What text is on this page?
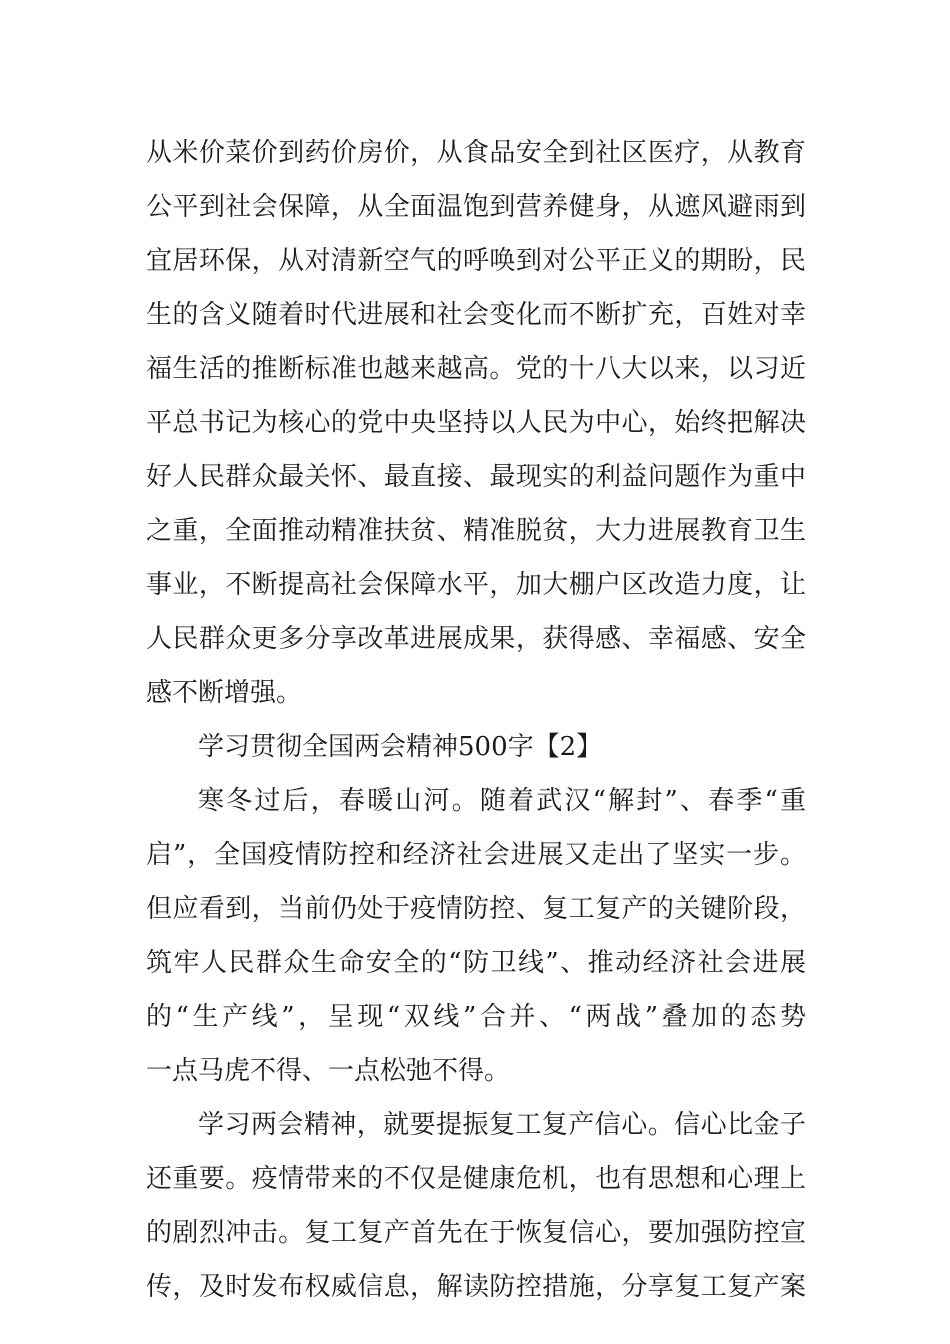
从米价菜价到药价房价，从食品安全到社区医疗，从教育
公平到社会保障，从全面温饱到营养健身，从遮风避雨到
宜居环保，从对清新空气的呼唤到对公平正义的期盼，民
生的含义随着时代进展和社会变化而不断扩充，百姓对幸
福生活的推断标准也越来越高。党的十八大以来，以习近
平总书记为核心的党中央坚持以人民为中心，始终把解决
好人民群众最关怀、最直接、最现实的利益问题作为重中
之重，全面推动精准扶贫、精准脱贫，大力进展教育卫生
事业，不断提高社会保障水平，加大棚户区改造力度，让
人民群众更多分享改革进展成果，获得感、幸福感、安全
感不断增强。
学习贯彻全国两会精神500字【2】
寒冬过后，春暖山河。随着武汉“解封”、春季“重
启”，全国疫情防控和经济社会进展又走出了坚实一步。
但应看到，当前仍处于疫情防控、复工复产的关键阶段，
筑牢人民群众生命安全的“防卫线”、推动经济社会进展
的“生产线”，呈现“双线”合并、“两战”叠加的态势
一点马虎不得、一点松弛不得。
学习两会精神，就要提振复工复产信心。信心比金子
还重要。疫情带来的不仅是健康危机，也有思想和心理上
的剧烈冲击。复工复产首先在于恢复信心，要加强防控宣
传，及时发布权威信息，解读防控措施，分享复工复产案
